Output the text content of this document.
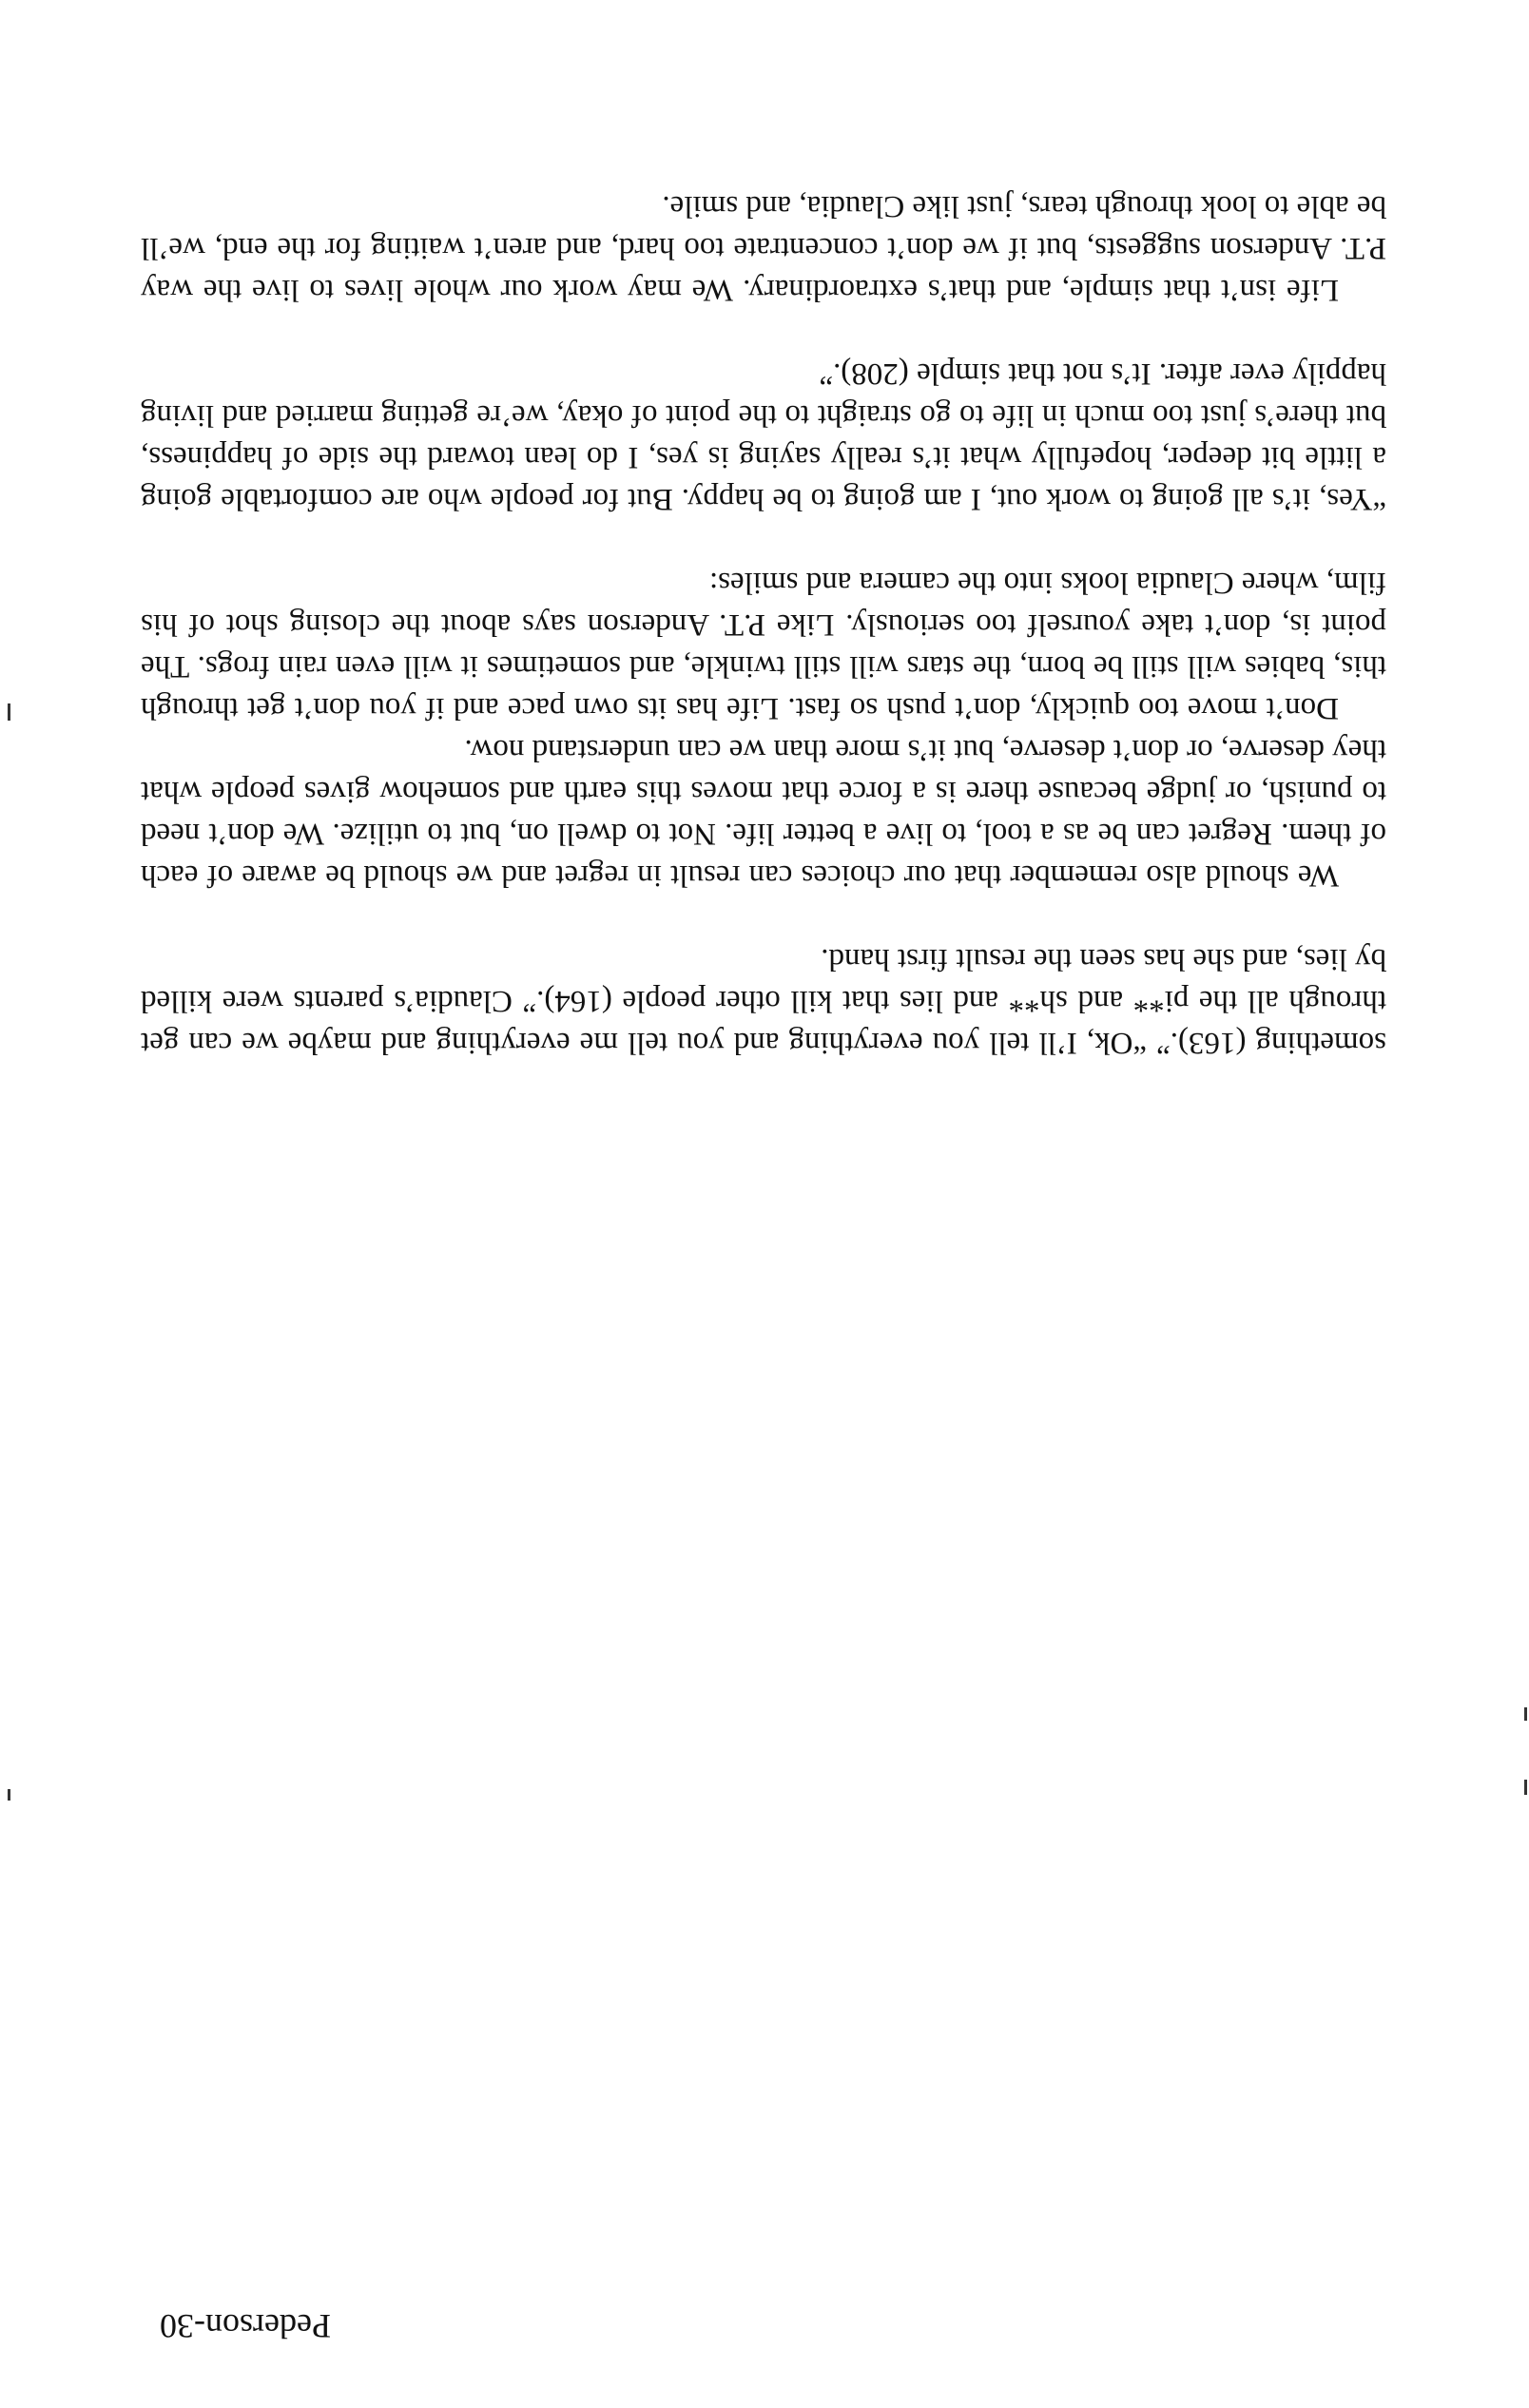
Pederson-30

something (163).” “Ok, I’ll tell you everything and you tell me everything and maybe we can get through all the pi** and sh** and lies that kill other people (164).” Claudia’s parents were killed by lies, and she has seen the result first hand.

We should also remember that our choices can result in regret and we should be aware of each of them. Regret can be as a tool, to live a better life. Not to dwell on, but to utilize. We don’t need to punish, or judge because there is a force that moves this earth and somehow gives people what they deserve, or don’t deserve, but it’s more than we can understand now.

Don’t move too quickly, don’t push so fast. Life has its own pace and if you don’t get through this, babies will still be born, the stars will still twinkle, and sometimes it will even rain frogs. The point is, don’t take yourself too seriously. Like P.T. Anderson says about the closing shot of his film, where Claudia looks into the camera and smiles:

“Yes, it’s all going to work out, I am going to be happy. But for people who are comfortable going a little bit deeper, hopefully what it’s really saying is yes, I do lean toward the side of happiness, but there’s just too much in life to go straight to the point of okay, we’re getting married and living happily ever after. It’s not that simple (208).”

Life isn’t that simple, and that’s extraordinary. We may work our whole lives to live the way P.T. Anderson suggests, but if we don’t concentrate too hard, and aren’t waiting for the end, we’ll be able to look through tears, just like Claudia, and smile.
